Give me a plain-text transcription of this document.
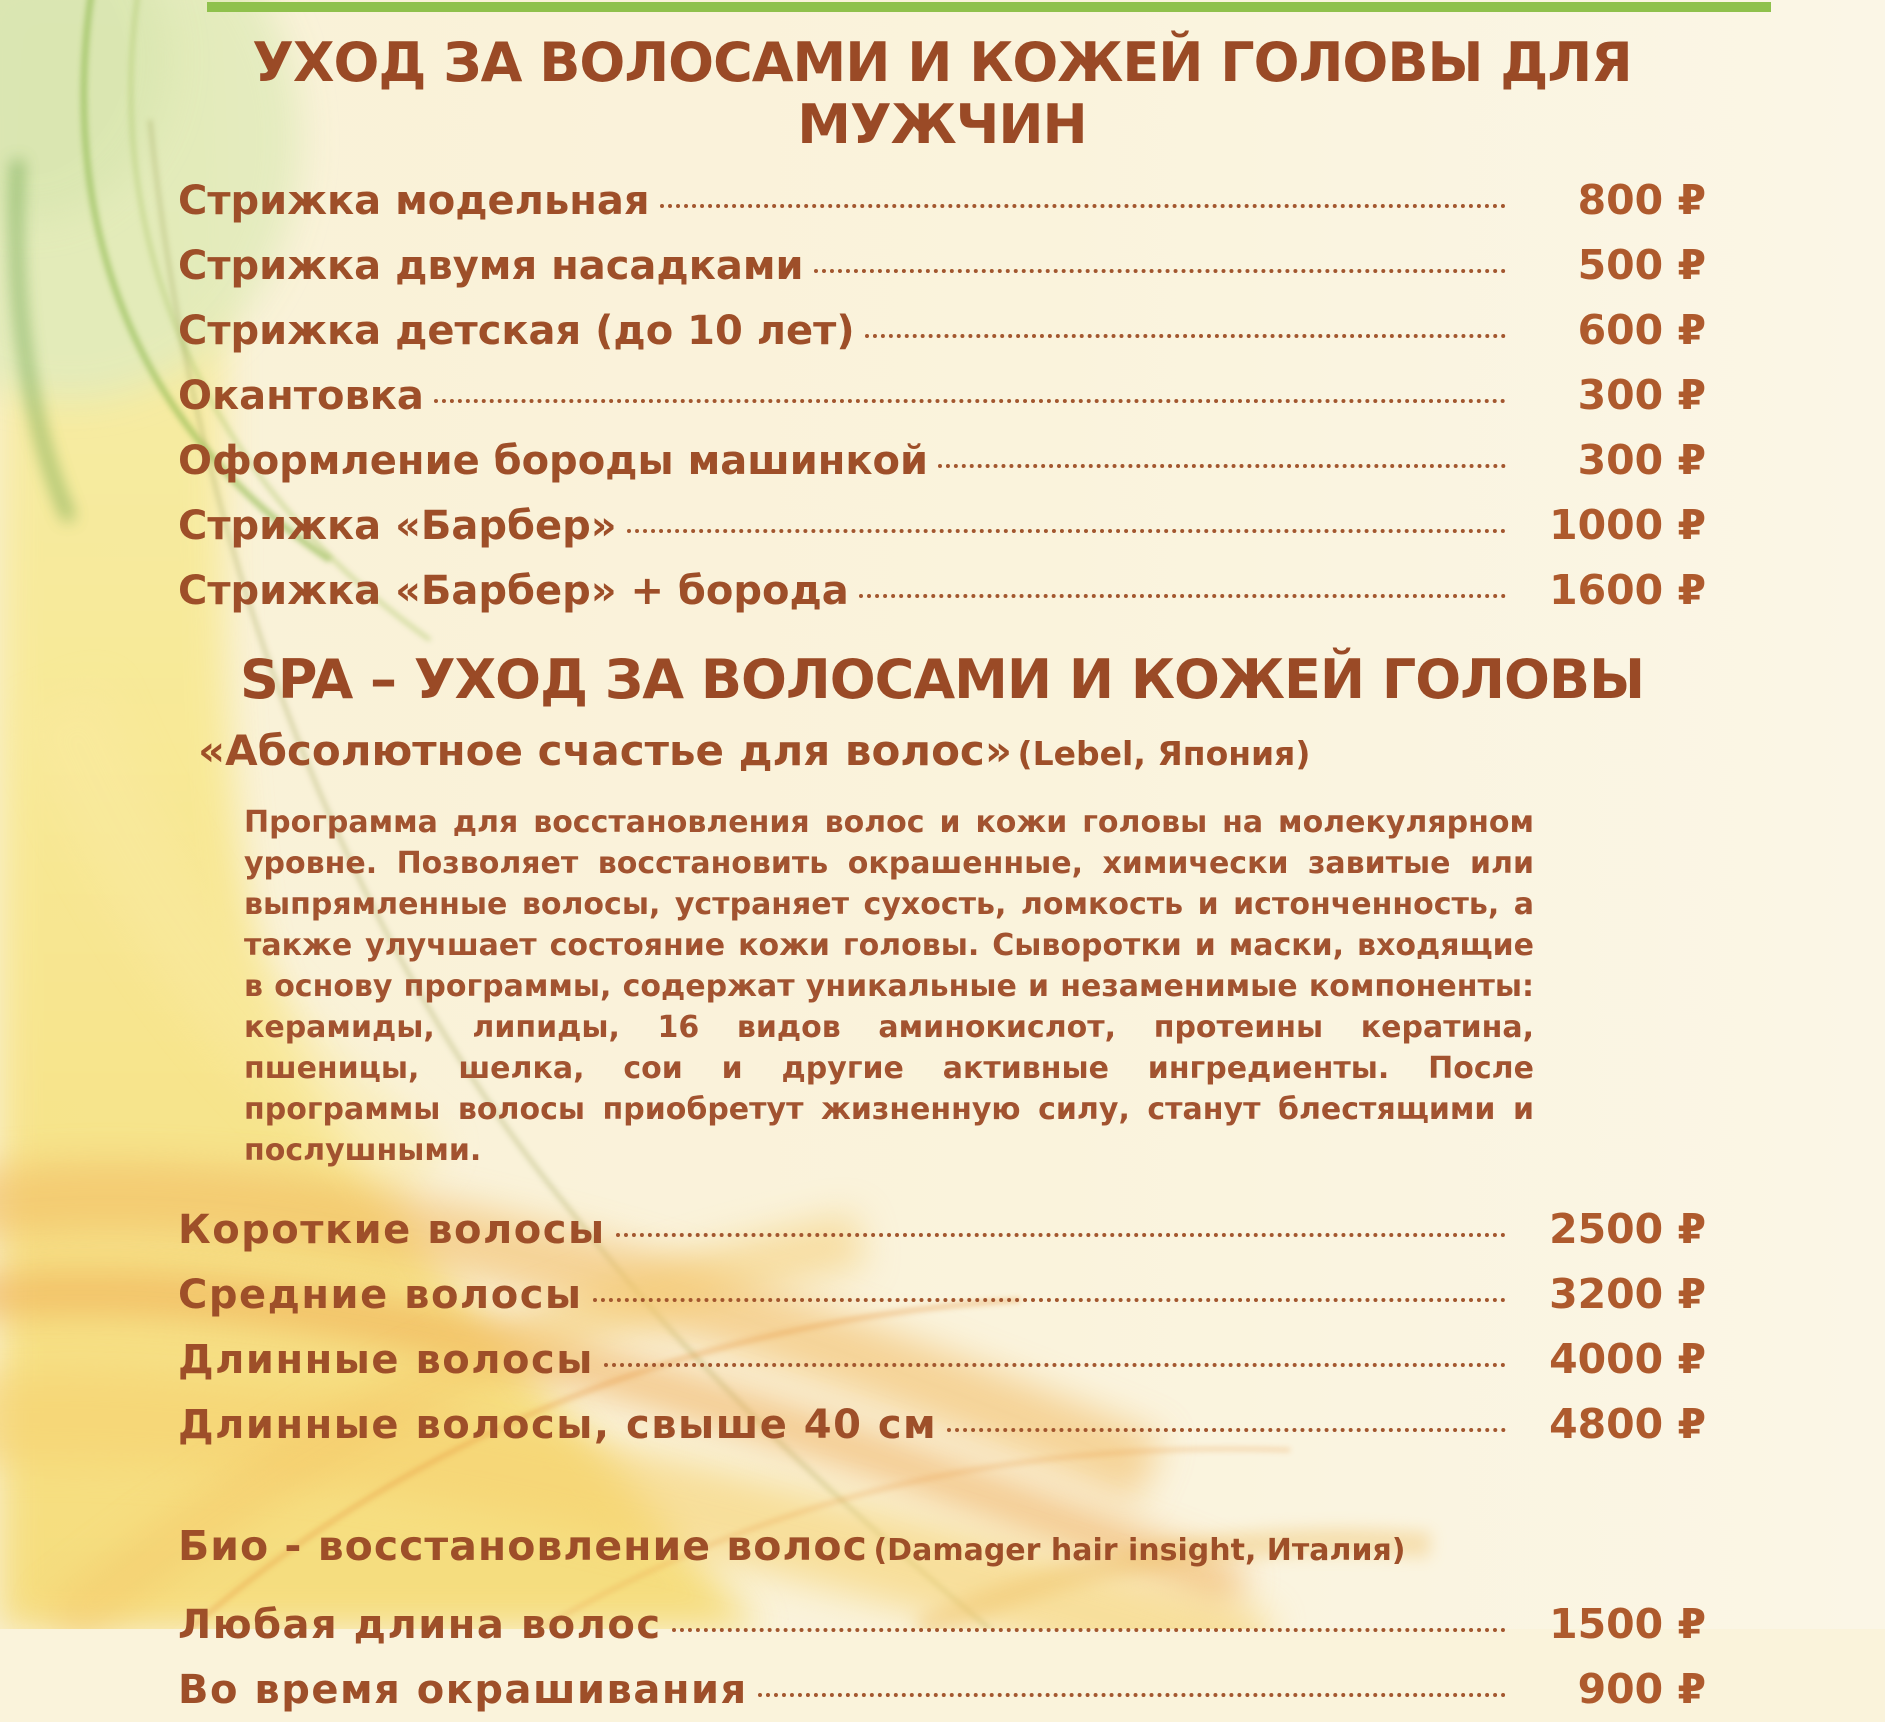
УХОД ЗА ВОЛОСАМИ И КОЖЕЙ ГОЛОВЫ ДЛЯ МУЖЧИН
Стрижка модельная	800 ₽
Стрижка двумя насадками	500 ₽
Стрижка детская (до 10 лет)	600 ₽
Окантовка	300 ₽
Оформление бороды машинкой	300 ₽
Стрижка «Барбер»	1000 ₽
Стрижка «Барбер» + борода	1600 ₽
SPA – УХОД ЗА ВОЛОСАМИ И КОЖЕЙ ГОЛОВЫ
«Абсолютное счастье для волос» (Lebel, Япония)

Программа для восстановления волос и кожи головы на молекулярном уровне. Позволяет восстановить окрашенные, химически завитые или выпрямленные волосы, устраняет сухость, ломкость и истонченность, а также улучшает состояние кожи головы. Сыворотки и маски, входящие в основу программы, содержат уникальные и незаменимые компоненты: керамиды, липиды, 16 видов аминокислот, протеины кератина, пшеницы, шелка, сои и другие активные ингредиенты. После программы волосы приобретут жизненную силу, станут блестящими и послушными.

Короткие волосы	2500 ₽
Средние волосы	3200 ₽
Длинные волосы	4000 ₽
Длинные волосы, свыше 40 см	4800 ₽
Био - восстановление волос (Damager hair insight, Италия)
Любая длина волос	1500 ₽
Во время окрашивания	900 ₽
